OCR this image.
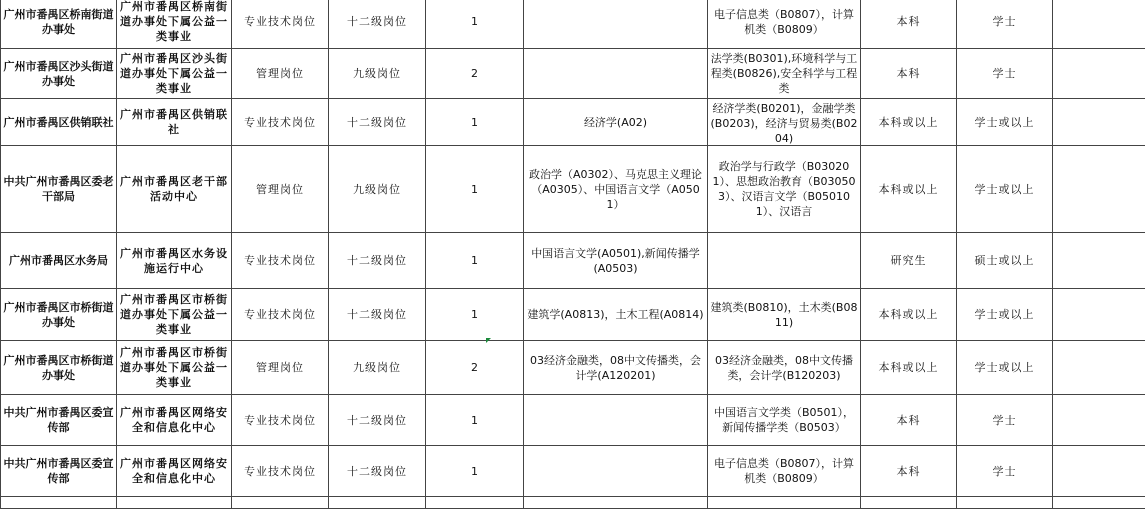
广州市番禺区桥南街道办事处	广州市番禺区桥南街道办事处下属公益一类事业	专业技术岗位	十二级岗位	1		电子信息类（B0807），计算机类（B0809）	本科	学士	

广州市番禺区沙头街道办事处	广州市番禺区沙头街道办事处下属公益一类事业	管理岗位	九级岗位	2		法学类(B0301),环境科学与工程类(B0826),安全科学与工程类	本科	学士	

广州市番禺区供销联社	广州市番禺区供销联社	专业技术岗位	十二级岗位	1	经济学(A02)	经济学类(B0201)，金融学类(B0203)，经济与贸易类(B0204)	本科或以上	学士或以上	

中共广州市番禺区委老干部局	广州市番禺区老干部活动中心	管理岗位	九级岗位	1	政治学（A0302）、马克思主义理论（A0305）、中国语言文学（A0501）	政治学与行政学（B030201）、思想政治教育（B030503）、汉语言文学（B050101）、汉语言	本科或以上	学士或以上	

广州市番禺区水务局	广州市番禺区水务设施运行中心	专业技术岗位	十二级岗位	1	中国语言文学(A0501),新闻传播学(A0503)		研究生	硕士或以上	

广州市番禺区市桥街道办事处	广州市番禺区市桥街道办事处下属公益一类事业	专业技术岗位	十二级岗位	1	建筑学(A0813)，土木工程(A0814)	建筑类(B0810)，土木类(B0811)	本科或以上	学士或以上	

广州市番禺区市桥街道办事处	广州市番禺区市桥街道办事处下属公益一类事业	管理岗位	九级岗位	2	03经济金融类，08中文传播类，会计学(A120201)	03经济金融类，08中文传播类，会计学(B120203)	本科或以上	学士或以上	

中共广州市番禺区委宣传部	广州市番禺区网络安全和信息化中心	专业技术岗位	十二级岗位	1		中国语言文学类（B0501），新闻传播学类（B0503）	本科	学士	

中共广州市番禺区委宣传部	广州市番禺区网络安全和信息化中心	专业技术岗位	十二级岗位	1		电子信息类（B0807），计算机类（B0809）	本科	学士	
